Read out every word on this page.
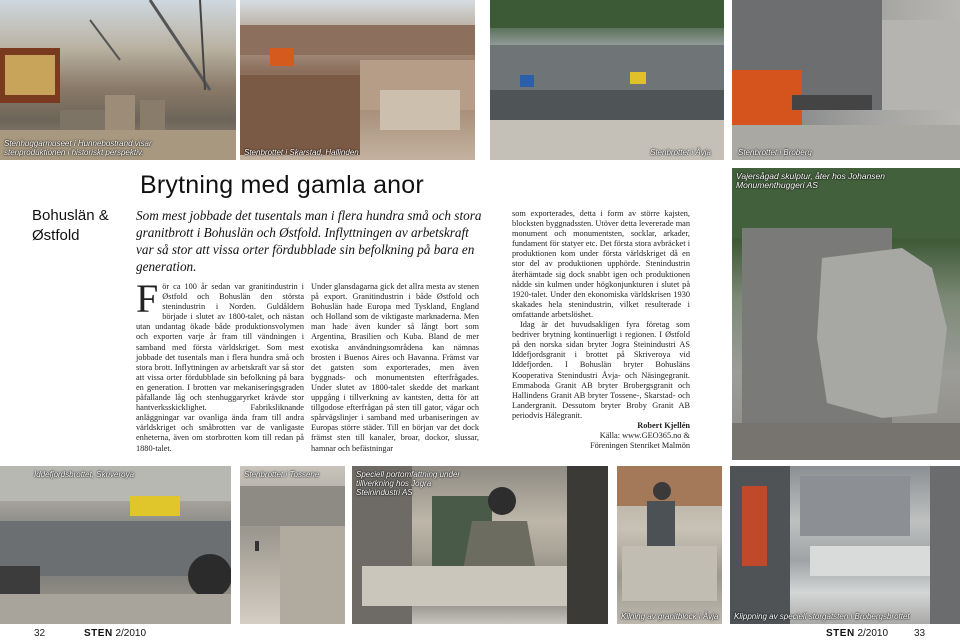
Stenhuggarmuseet i Hunnebostrand visar stenproduktionen i historiskt perspektiv.	Stenbrottet i Skarstad, Hallinden	Stenbrottet i Åvja	Stenbrottet i Broberg
Brytning med gamla anor
Bohuslän & Østfold
Som mest jobbade det tusentals man i flera hundra små och stora granitbrott i Bohuslän och Østfold. Inflyttningen av arbetskraft var så stor att vissa orter fördubblade sin befolkning på bara en generation.
För ca 100 år sedan var granitindustrin i Østfold och Bohuslän den största stenindustrin i Norden. Guldåldern började i slutet av 1800-talet, och nästan utan undantag ökade både produktionsvolymen och exporten varje år fram till vändningen i samband med första världskriget. Som mest jobbade det tusentals man i flera hundra små och stora brott. Inflyttningen av arbetskraft var så stor att vissa orter fördubblade sin befolkning på bara en generation. I brotten var mekaniseringsgraden påfallande låg och stenhuggaryrket krävde stor hantverksskicklighet. Fabriksliknande anläggningar var ovanliga ända fram till andra världskriget och småbrotten var de vanligaste enheterna, även om storbrotten kom till redan på 1880-talet.
Under glansdagarna gick det allra mesta av stenen på export. Granitindustrin i både Østfold och Bohuslän hade Europa med Tyskland, England och Holland som de viktigaste marknaderna. Men man hade även kunder så långt bort som Argentina, Brasilien och Kuba. Bland de mer exotiska användningsområdena kan nämnas brosten i Buenos Aires och Havanna. Främst var det gatsten som exporterades, men även byggnads- och monumentsten efterfrågades. Under slutet av 1800-talet skedde det markant uppgång i tillverkning av kantsten, detta för att tillgodose efterfrågan på sten till gator, vägar och spårvägslinjer i samband med urbaniseringen av Europas större städer. Till en början var det dock främst sten till kanaler, broar, dockor, slussar, hamnar och befästningar

som exporterades, detta i form av större kajsten, blocksten byggnadssten. Utöver detta levererade man monument och monumentsten, socklar, arkader, fundament för statyer etc. Det första stora avbräcket i produktionen kom under första världskriget då en stor del av produktionen upphörde. Stenindustrin återhämtade sig dock snabbt igen och produktionen nådde sin kulmen under högkonjunkturen i slutet på 1920-talet. Under den ekonomiska världskrisen 1930 skakades hela stenindustrin, vilket resulterade i omfattande arbetslöshet.

Idag är det huvudsakligen fyra företag som bedriver brytning kontinuerligt i regionen. I Østfold på den norska sidan bryter Jogra Steinindustri AS Iddefjordsgranit i brottet på Skriveroya vid Iddefjorden. I Bohuslän bryter Bohusläns Kooperativa Stenindustri Åvja- och Näsingegranit. Emmaboda Granit AB bryter Brobergsgranit och Hallindens Granit AB bryter Tossene-, Skarstad- och Landergranit. Dessutom bryter Broby Granit AB periodvis Hälegranit.

Robert Kjellén

Källa: www.GEO365.no &

Föreningen Stenriket Malmön

Vajersågad skulptur, åter hos Johansen Monumenthuggeri AS
Iddefjordsbrottet, Skriveroya	Stenbrottet i Tossene	Speciell portomfattning under tillverkning hos Jogra Steinindustri AS
Kilning av granitblock i Åvja Klippning av speciell storgatsten i Brobergsbrottet
32	STEN 2/2010	STEN 2/2010	33
